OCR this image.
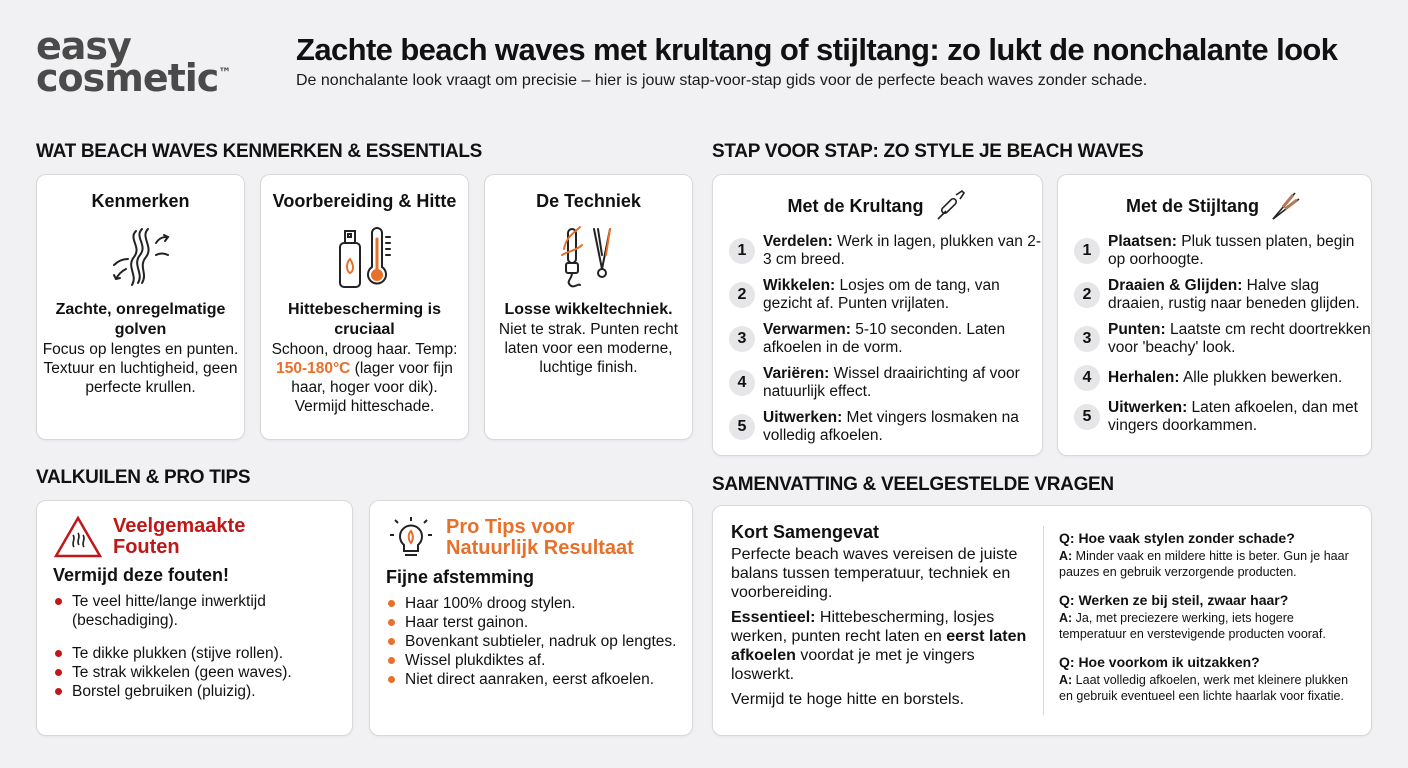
easy
cosmetic™
Zachte beach waves met krultang of stijltang: zo lukt de nonchalante look
De nonchalante look vraagt om precisie – hier is jouw stap-voor-stap gids voor de perfecte beach waves zonder schade.
WAT BEACH WAVES KENMERKEN & ESSENTIALS
Kenmerken
Zachte, onregelmatige golven
Focus op lengtes en punten. Textuur en luchtigheid, geen perfecte krullen.
Voorbereiding & Hitte
Hittebescherming is cruciaal
Schoon, droog haar. Temp: 150-180°C (lager voor fijn haar, hoger voor dik). Vermijd hitteschade.
De Techniek
Losse wikkeltechniek.
Niet te strak. Punten recht laten voor een moderne, luchtige finish.
STAP VOOR STAP: ZO STYLE JE BEACH WAVES
Met de Krultang
1
Verdelen: Werk in lagen, plukken van 2-3 cm breed.
2
Wikkelen: Losjes om de tang, van gezicht af. Punten vrijlaten.
3
Verwarmen: 5-10 seconden. Laten afkoelen in de vorm.
4
Variëren: Wissel draairichting af voor natuurlijk effect.
5
Uitwerken: Met vingers losmaken na volledig afkoelen.
Met de Stijltang
1
Plaatsen: Pluk tussen platen, begin op oorhoogte.
2
Draaien & Glijden: Halve slag draaien, rustig naar beneden glijden.
3
Punten: Laatste cm recht doortrekken voor 'beachy' look.
4	Herhalen: Alle plukken bewerken.
5
Uitwerken: Laten afkoelen, dan met vingers doorkammen.
VALKUILEN & PRO TIPS
Veelgemaakte
Fouten
Vermijd deze fouten!
Te veel hitte/lange inwerktijd (beschadiging).
Te dikke plukken (stijve rollen).
Te strak wikkelen (geen waves).
Borstel gebruiken (pluizig).
Pro Tips voor
Natuurlijk Resultaat
Fijne afstemming
Haar 100% droog stylen.
Haar terst gainon.
Bovenkant subtieler, nadruk op lengtes.
Wissel plukdiktes af.
Niet direct aanraken, eerst afkoelen.
SAMENVATTING & VEELGESTELDE VRAGEN
Kort Samengevat

Perfecte beach waves vereisen de juiste balans tussen temperatuur, techniek en voorbereiding.

Essentieel: Hittebescherming, losjes werken, punten recht laten en eerst laten afkoelen voordat je met je vingers loswerkt.

Vermijd te hoge hitte en borstels.

Q: Hoe vaak stylen zonder schade?
A: Minder vaak en mildere hitte is beter. Gun je haar pauzes en gebruik verzorgende producten.
Q: Werken ze bij steil, zwaar haar?
A: Ja, met preciezere werking, iets hogere temperatuur en verstevigende producten vooraf.
Q: Hoe voorkom ik uitzakken?
A: Laat volledig afkoelen, werk met kleinere plukken en gebruik eventueel een lichte haarlak voor fixatie.
